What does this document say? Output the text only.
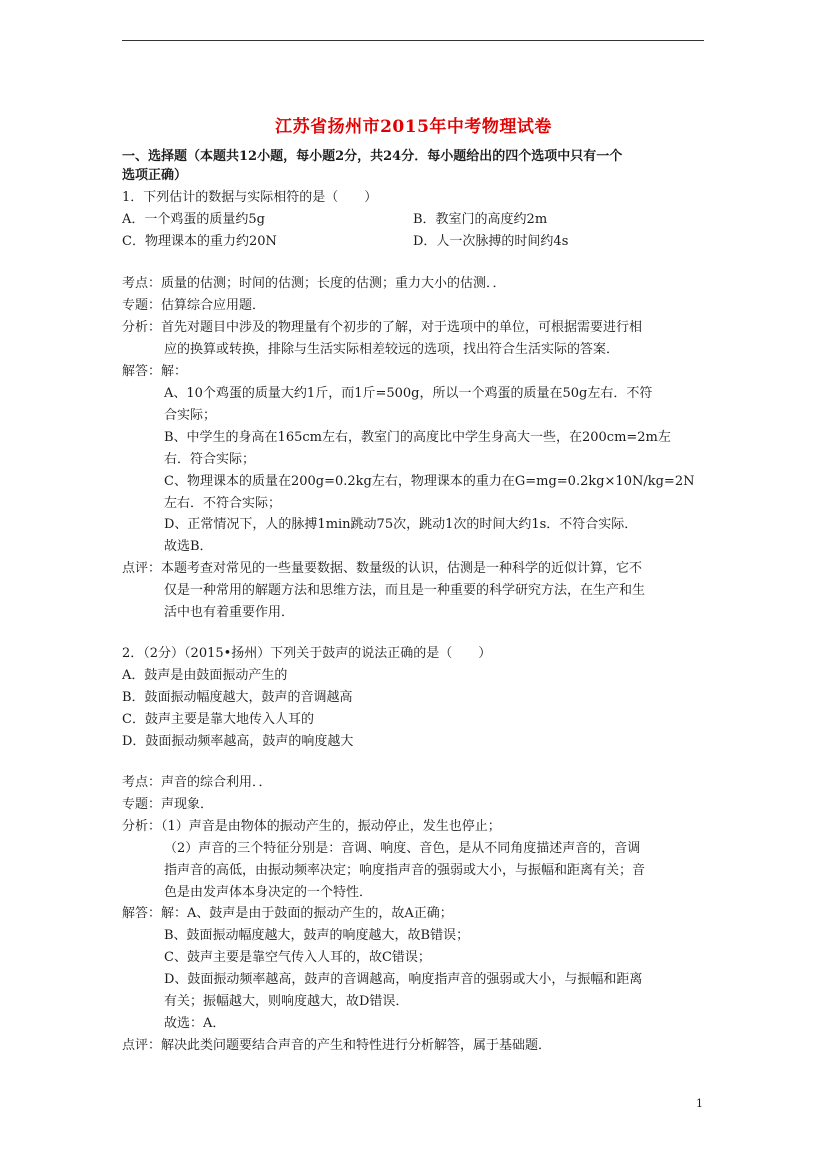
江苏省扬州市2015年中考物理试卷
一、选择题（本题共12小题，每小题2分，共24分．每小题给出的四个选项中只有一个
选项正确）
1．下列估计的数据与实际相符的是（　　）
A．一个鸡蛋的质量约5g	B．教室门的高度约2m
C．物理课本的重力约20N	D．人一次脉搏的时间约4s
考点：质量的估测；时间的估测；长度的估测；重力大小的估测．．
专题：估算综合应用题．
分析：首先对题目中涉及的物理量有个初步的了解，对于选项中的单位，可根据需要进行相
应的换算或转换，排除与生活实际相差较远的选项，找出符合生活实际的答案．
解答：解：
A、10个鸡蛋的质量大约1斤，而1斤=500g，所以一个鸡蛋的质量在50g左右．不符
合实际；
B、中学生的身高在165cm左右，教室门的高度比中学生身高大一些，在200cm=2m左
右．符合实际；
C、物理课本的质量在200g=0.2kg左右，物理课本的重力在G=mg=0.2kg×10N/kg=2N
左右．不符合实际；
D、正常情况下，人的脉搏1min跳动75次，跳动1次的时间大约1s．不符合实际．
故选B．
点评：本题考查对常见的一些量要数据、数量级的认识，估测是一种科学的近似计算，它不
仅是一种常用的解题方法和思维方法，而且是一种重要的科学研究方法，在生产和生
活中也有着重要作用．
2．（2分）（2015•扬州）下列关于鼓声的说法正确的是（　　）
A．鼓声是由鼓面振动产生的
B．鼓面振动幅度越大，鼓声的音调越高
C．鼓声主要是靠大地传入人耳的
D．鼓面振动频率越高，鼓声的响度越大
考点：声音的综合利用．．
专题：声现象．
分析：（1）声音是由物体的振动产生的，振动停止，发生也停止；
（2）声音的三个特征分别是：音调、响度、音色，是从不同角度描述声音的，音调
指声音的高低，由振动频率决定；响度指声音的强弱或大小，与振幅和距离有关；音
色是由发声体本身决定的一个特性．
解答：解：A、鼓声是由于鼓面的振动产生的，故A正确；
B、鼓面振动幅度越大，鼓声的响度越大，故B错误；
C、鼓声主要是靠空气传入人耳的，故C错误；
D、鼓面振动频率越高，鼓声的音调越高，响度指声音的强弱或大小，与振幅和距离
有关；振幅越大，则响度越大，故D错误．
故选：A．
点评：解决此类问题要结合声音的产生和特性进行分析解答，属于基础题．
1
